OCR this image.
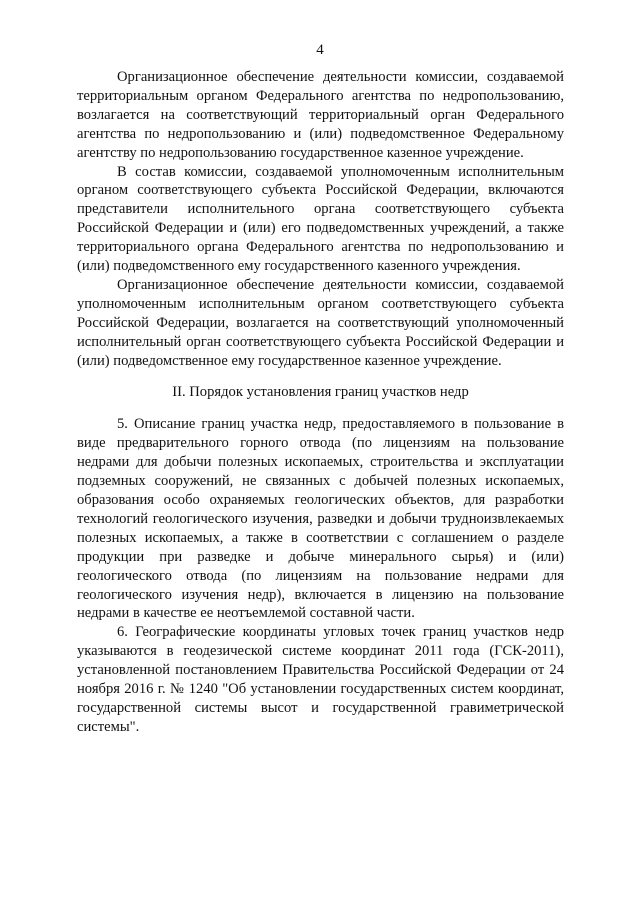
4

Организационное обеспечение деятельности комиссии, создаваемой территориальным органом Федерального агентства по недропользованию, возлагается на соответствующий территориальный орган Федерального агентства по недропользованию и (или) подведомственное Федеральному агентству по недропользованию государственное казенное учреждение.

В состав комиссии, создаваемой уполномоченным исполнительным органом соответствующего субъекта Российской Федерации, включаются представители исполнительного органа соответствующего субъекта Российской Федерации и (или) его подведомственных учреждений, а также территориального органа Федерального агентства по недропользованию и (или) подведомственного ему государственного казенного учреждения.

Организационное обеспечение деятельности комиссии, создаваемой уполномоченным исполнительным органом соответствующего субъекта Российской Федерации, возлагается на соответствующий уполномоченный исполнительный орган соответствующего субъекта Российской Федерации и (или) подведомственное ему государственное казенное учреждение.

II. Порядок установления границ участков недр

5. Описание границ участка недр, предоставляемого в пользование в виде предварительного горного отвода (по лицензиям на пользование недрами для добычи полезных ископаемых, строительства и эксплуатации подземных сооружений, не связанных с добычей полезных ископаемых, образования особо охраняемых геологических объектов, для разработки технологий геологического изучения, разведки и добычи трудноизвлекаемых полезных ископаемых, а также в соответствии с соглашением о разделе продукции при разведке и добыче минерального сырья) и (или) геологического отвода (по лицензиям на пользование недрами для геологического изучения недр), включается в лицензию на пользование недрами в качестве ее неотъемлемой составной части.

6. Географические координаты угловых точек границ участков недр указываются в геодезической системе координат 2011 года (ГСК-2011), установленной постановлением Правительства Российской Федерации от 24 ноября 2016 г. № 1240 "Об установлении государственных систем координат, государственной системы высот и государственной гравиметрической системы".
